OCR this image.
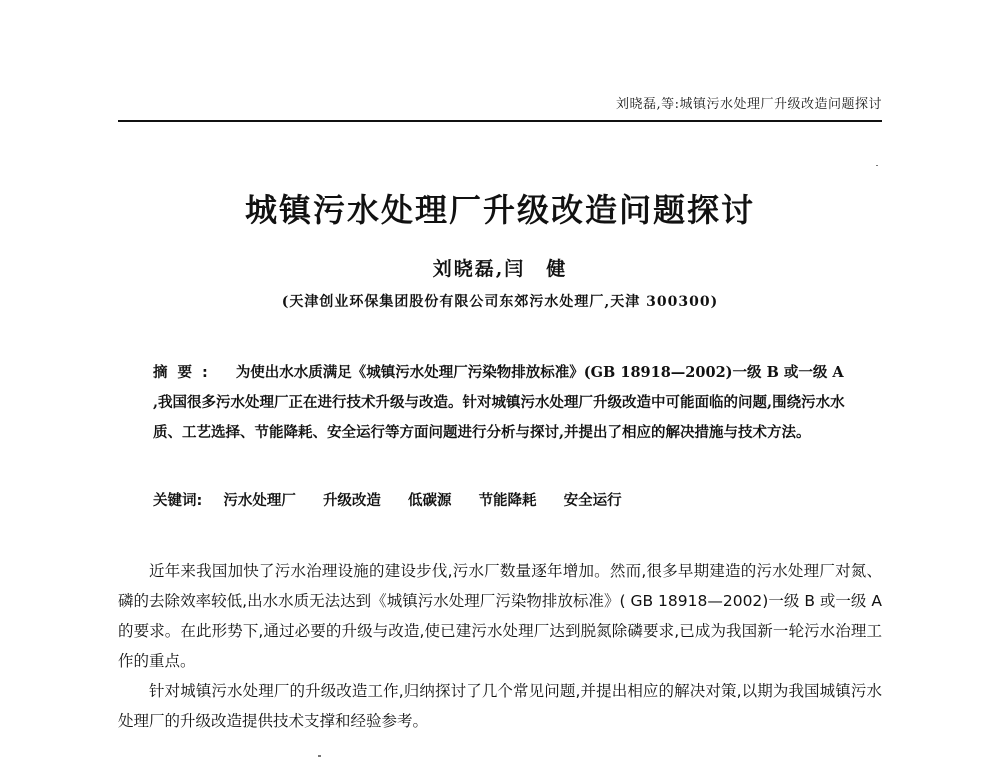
刘晓磊,等:城镇污水处理厂升级改造问题探讨
城镇污水处理厂升级改造问题探讨
刘晓磊,闫　健
(天津创业环保集团股份有限公司东郊污水处理厂,天津 300300)
摘要: 为使出水水质满足《城镇污水处理厂污染物排放标准》(GB 18918—2002)一级 B 或一级 A ,我国很多污水处理厂正在进行技术升级与改造。针对城镇污水处理厂升级改造中可能面临的问题,围绕污水水质、工艺选择、节能降耗、安全运行等方面问题进行分析与探讨,并提出了相应的解决措施与技术方法。
关键词: 污水处理厂 升级改造 低碳源 节能降耗 安全运行

近年来我国加快了污水治理设施的建设步伐,污水厂数量逐年增加。然而,很多早期建造的污水处理厂对氮、磷的去除效率较低,出水水质无法达到《城镇污水处理厂污染物排放标准》( GB 18918—2002)一级 B 或一级 A 的要求。在此形势下,通过必要的升级与改造,使已建污水处理厂达到脱氮除磷要求,已成为我国新一轮污水治理工作的重点。

针对城镇污水处理厂的升级改造工作,归纳探讨了几个常见问题,并提出相应的解决对策,以期为我国城镇污水处理厂的升级改造提供技术支撑和经验参考。
